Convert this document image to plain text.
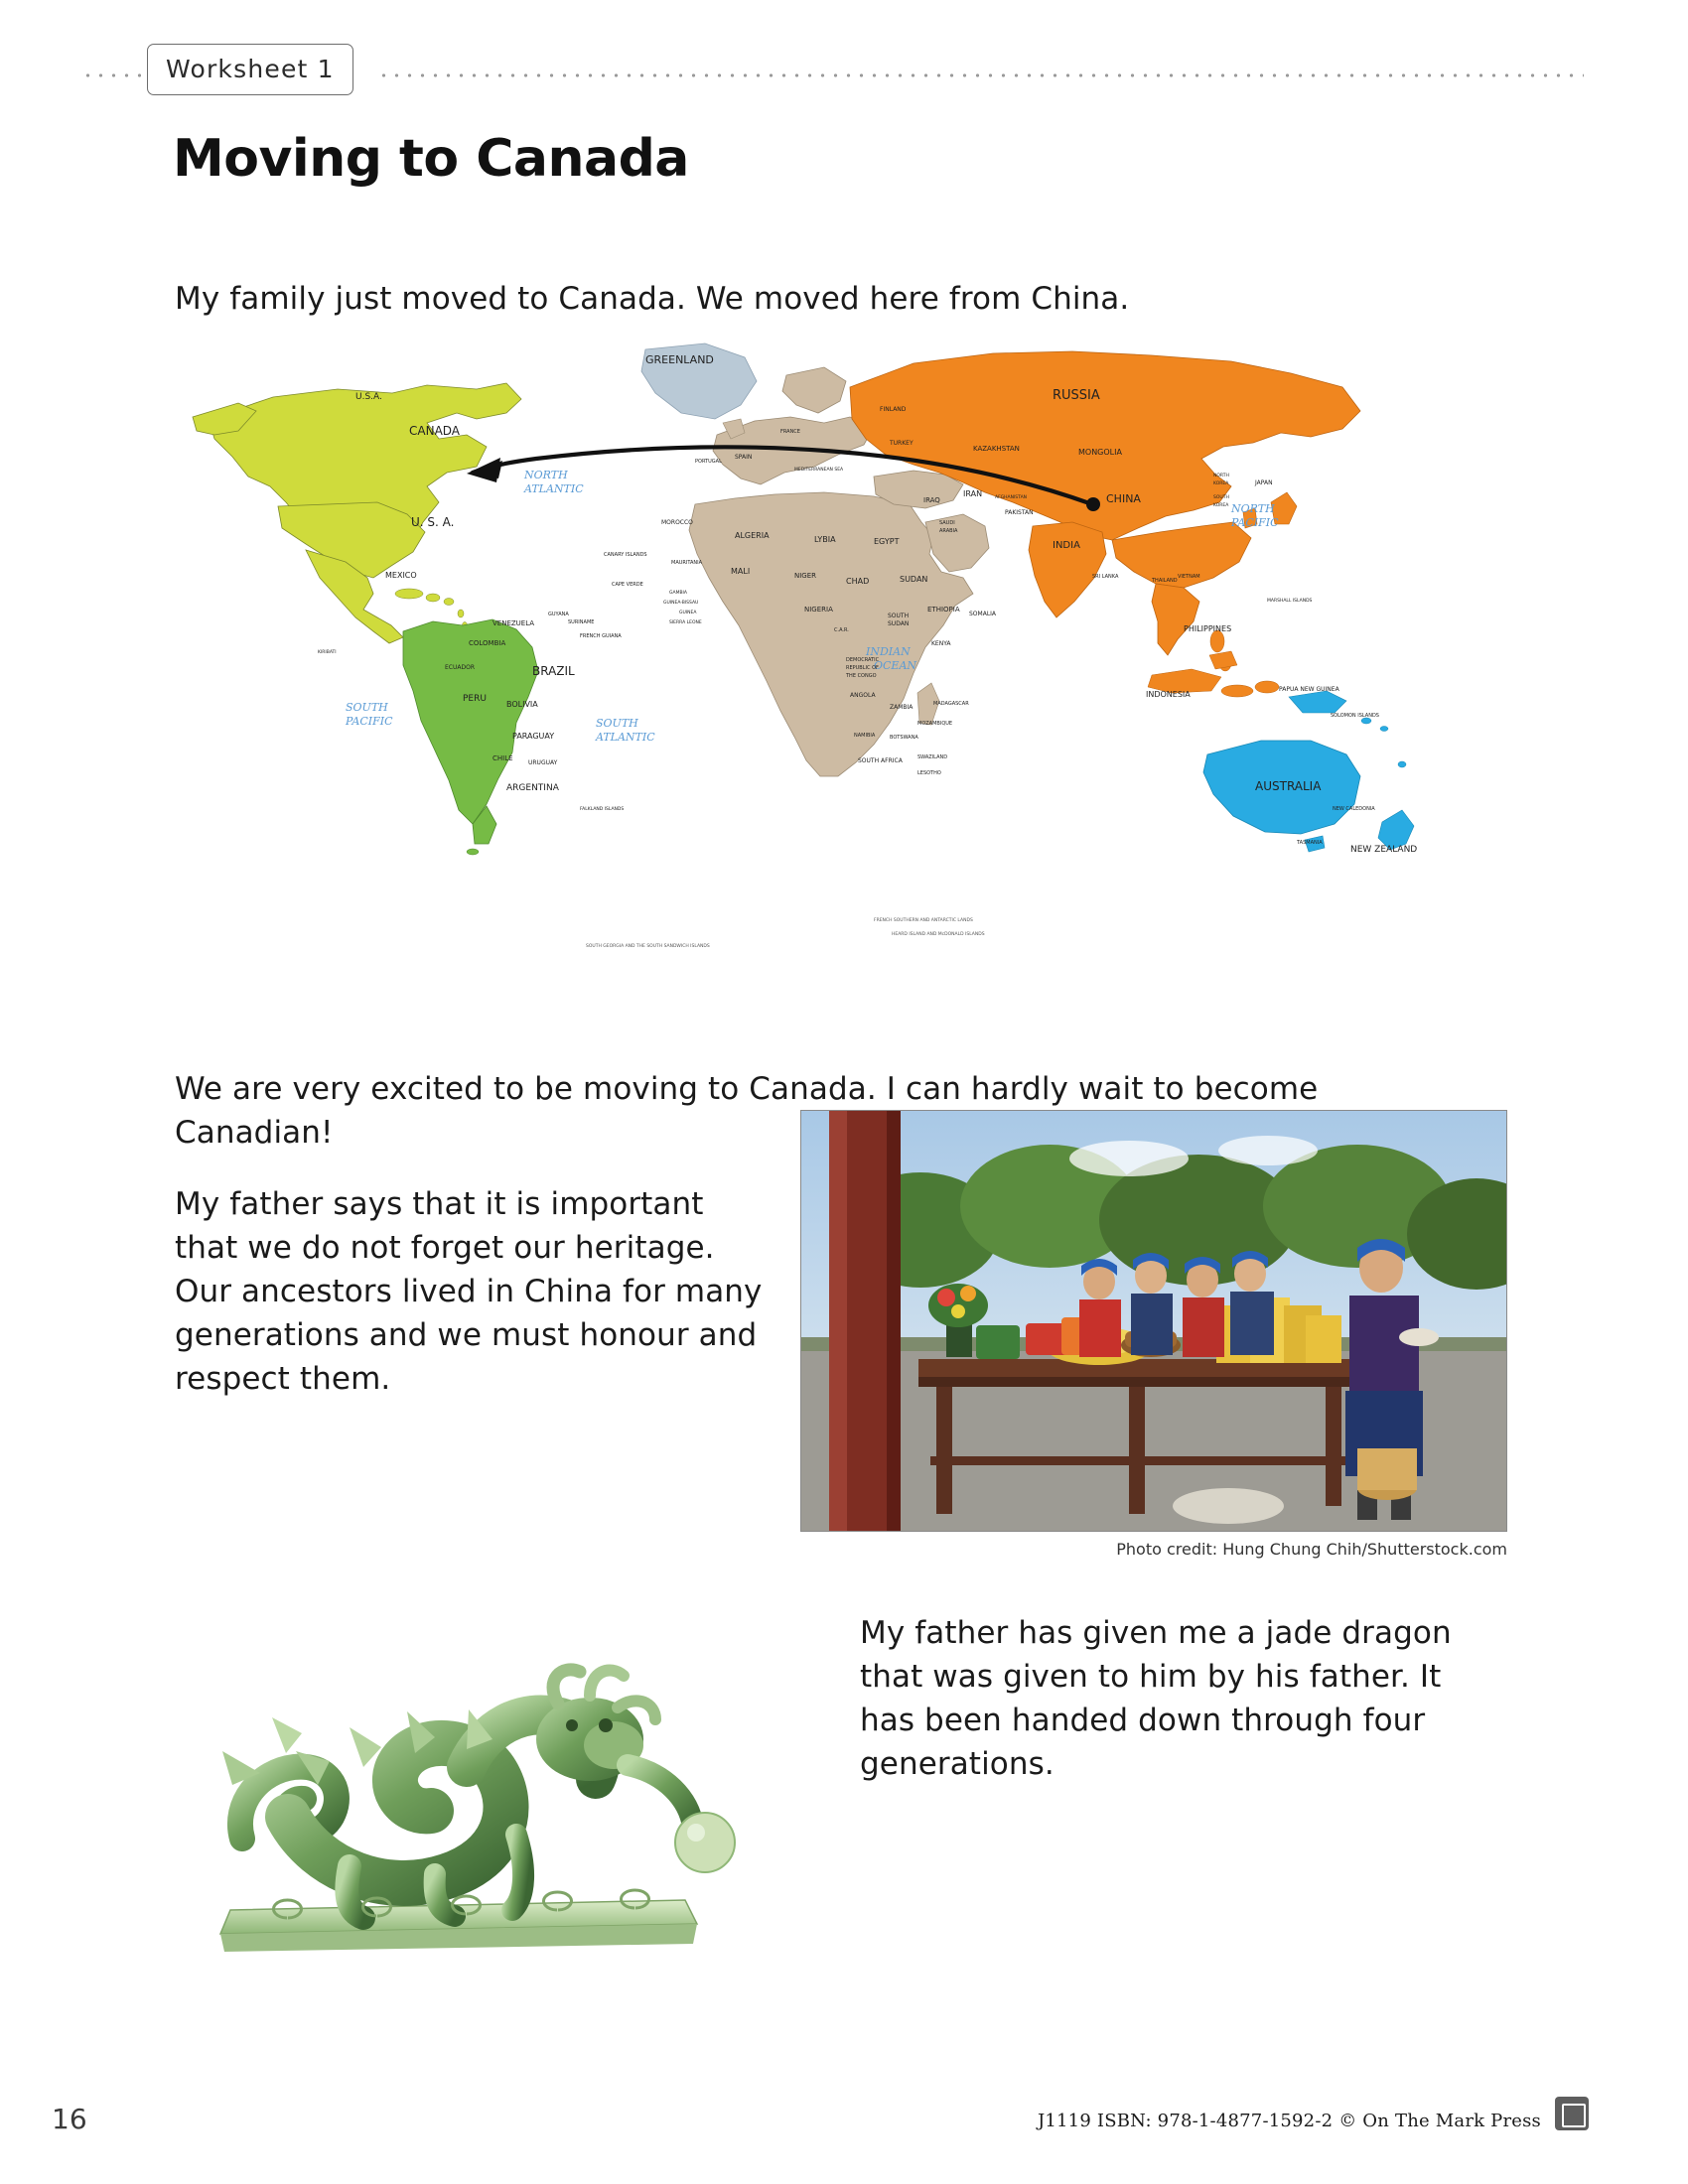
Worksheet 1
Moving to Canada

My family just moved to Canada. We moved here from China.

FRENCH SOUTHERN AND ANTARCTIC LANDS
HEARD ISLAND AND McDONALD ISLANDS
SOUTH GEORGIA AND THE SOUTH SANDWICH ISLANDS
NORTH
ATLANTIC
NORTH
PACIFIC
SOUTH
PACIFIC	SOUTH
ATLANTIC
INDIAN
OCEAN
GREENLAND
U.S.A.
CANADA
U. S. A.
MEXICO
BRAZIL
VENEZUELA
GUYANA
SURINAME
FRENCH GUIANA
COLOMBIA
ECUADOR
PERU
BOLIVIA
PARAGUAY
CHILE
URUGUAY
ARGENTINA
FINLAND
FRANCE
SPAIN
PORTUGAL
TURKEY
KAZAKHSTAN
RUSSIA
MONGOLIA
CHINA
INDIA
JAPAN
NORTH
KOREA
SOUTH
KOREA
IRAQ
IRAN
PAKISTAN
AFGHANISTAN
SAUDI
ARABIA
PHILIPPINES
INDONESIA
PAPUA NEW GUINEA
SOLOMON ISLANDS
AUSTRALIA
NEW CALEDONIA
NEW ZEALAND
TASMANIA
SRI LANKA
THAILAND
VIETNAM
MOROCCO
ALGERIA	LYBIA	EGYPT
MAURITANIA
MALI	NIGER
CHAD	SUDAN
SOUTH
SUDAN
NIGERIA	ETHIOPIA
SOMALIA
KENYA
C.A.R.
DEMOCRATIC
REPUBLIC OF
THE CONGO
ANGOLA
ZAMBIA
NAMIBIA	BOTSWANA
MOZAMBIQUE
MADAGASCAR
SOUTH AFRICA	SWAZILAND
LESOTHO
CANARY ISLANDS
CAPE VERDE
GAMBIA
GUINEA-BISSAU
GUINEA
SIERRA LEONE
MARSHALL ISLANDS
KIRIBATI
FALKLAND ISLANDS
MEDITERRANEAN SEA

We are very excited to be moving to Canada. I can hardly wait to become Canadian!

My father says that it is important that we do not forget our heritage. Our ancestors lived in China for many generations and we must honour and respect them.

Photo credit: Hung Chung Chih/Shutterstock.com

My father has given me a jade dragon that was given to him by his father. It has been handed down through four generations.

16	J1119 ISBN: 978-1-4877-1592-2 © On The Mark Press
